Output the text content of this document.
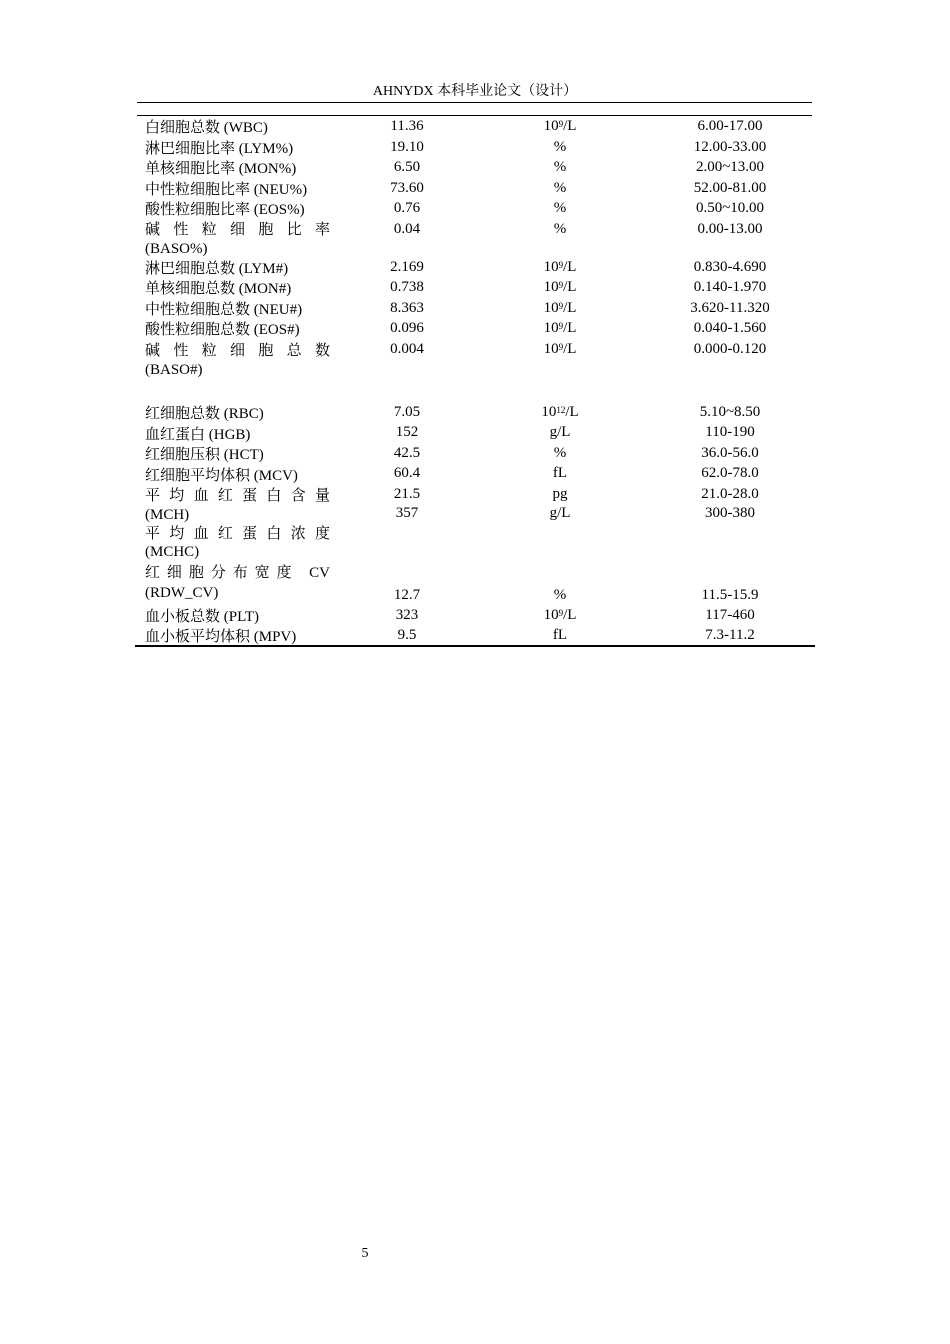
AHNYDX 本科毕业论文（设计）
白细胞总数 (WBC)	11.36	$10^9/L$	6.00-17.00
淋巴细胞比率 (LYM%)	19.10	%	12.00-33.00
单核细胞比率 (MON%)	6.50	%	2.00~13.00
中性粒细胞比率 (NEU%)	73.60	%	52.00-81.00
酸性粒细胞比率 (EOS%)	0.76	%	0.50~10.00
碱性粒细胞比率
(BASO%)
0.04	%	0.00-13.00
淋巴细胞总数 (LYM#)	2.169	$10^9/L$	0.830-4.690
单核细胞总数 (MON#)	0.738	$10^9/L$	0.140-1.970
中性粒细胞总数 (NEU#)	8.363	$10^9/L$	3.620-11.320
酸性粒细胞总数 (EOS#)	0.096	$10^9/L$	0.040-1.560
碱性粒细胞总数
(BASO#)
0.004	$10^9/L$	0.000-0.120
红细胞总数 (RBC)	7.05	$10^{12}/L$	5.10~8.50
血红蛋白 (HGB)	152	g/L	110-190
红细胞压积 (HCT)	42.5	%	36.0-56.0
红细胞平均体积 (MCV)	60.4	fL	62.0-78.0
平均血红蛋白含量
(MCH)
21.5	pg	21.0-28.0
平均血红蛋白浓度
(MCHC)
357	g/L	300-380
红细胞分布宽度 CV
(RDW_CV)	12.7	%	11.5-15.9
血小板总数 (PLT)	323	$10^9/L$	117-460
血小板平均体积 (MPV)	9.5	fL	7.3-11.2
5
